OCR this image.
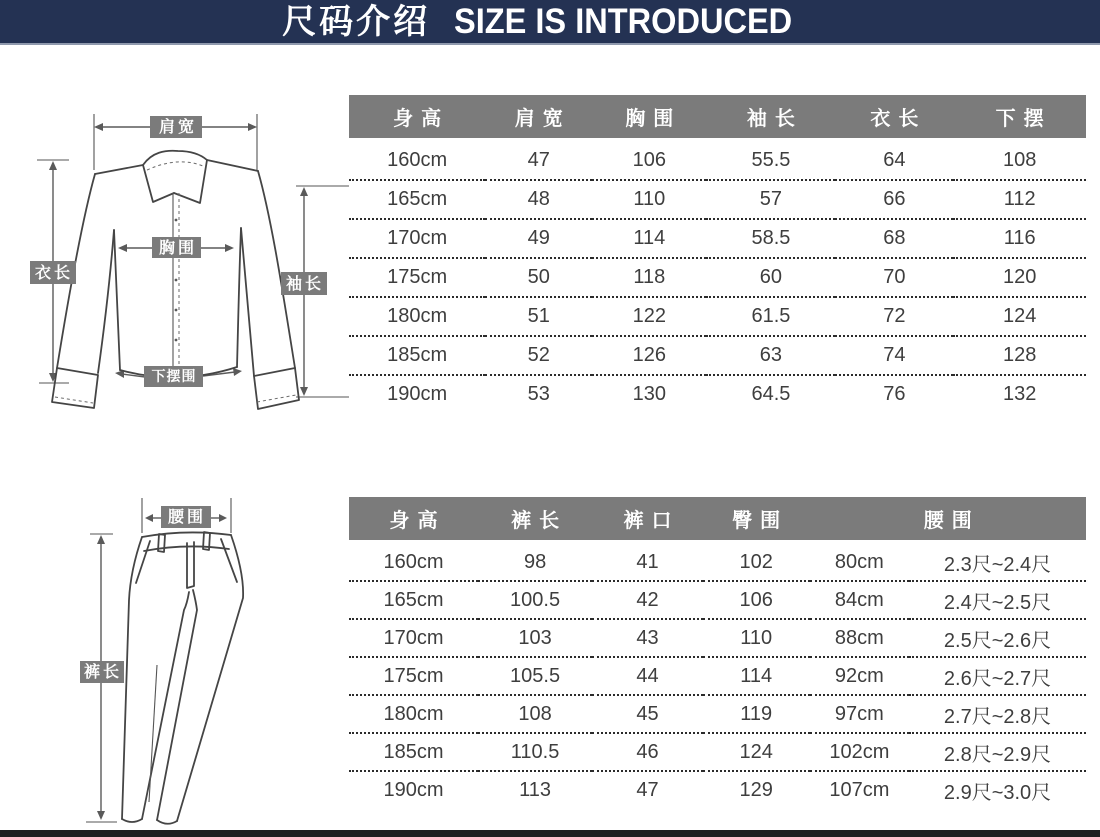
尺码介绍 SIZE IS INTRODUCED
肩宽
衣长
袖长
胸围
下摆围
身高	肩宽	胸围	袖长	衣长	下摆
160cm	47	106	55.5	64	108
165cm	48	110	57	66	112
170cm	49	114	58.5	68	116
175cm	50	118	60	70	120
180cm	51	122	61.5	72	124
185cm	52	126	63	74	128
190cm	53	130	64.5	76	132
腰围
裤长
身高	裤长	裤口	臀围	腰围	
160cm	98	41	102	80cm	2.3尺~2.4尺
165cm	100.5	42	106	84cm	2.4尺~2.5尺
170cm	103	43	110	88cm	2.5尺~2.6尺
175cm	105.5	44	114	92cm	2.6尺~2.7尺
180cm	108	45	119	97cm	2.7尺~2.8尺
185cm	110.5	46	124	102cm	2.8尺~2.9尺
190cm	113	47	129	107cm	2.9尺~3.0尺
